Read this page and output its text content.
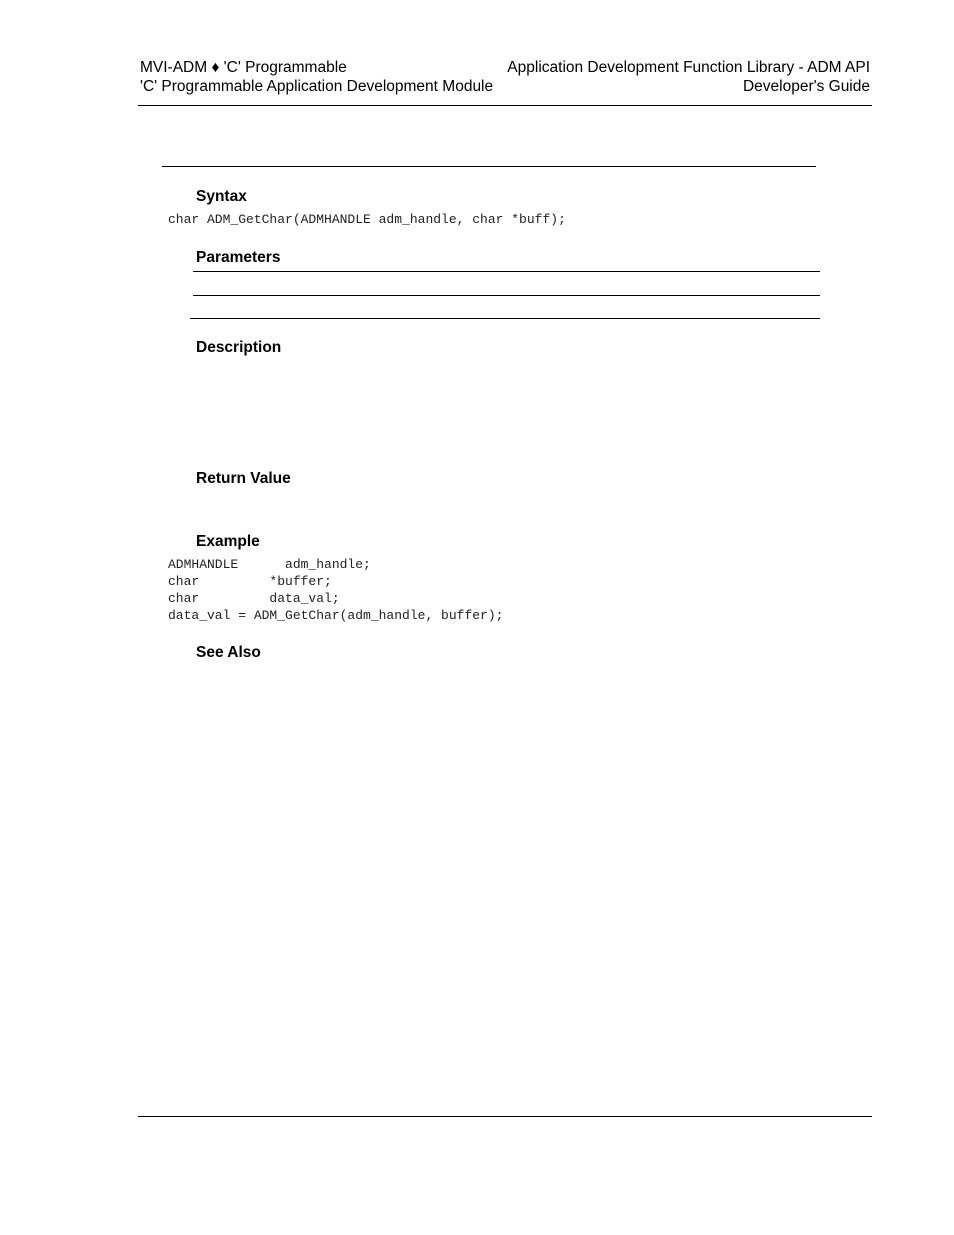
MVI-ADM ♦ 'C' Programmable
'C' Programmable Application Development Module
Application Development Function Library - ADM API
Developer's Guide
Syntax
char ADM_GetChar(ADMHANDLE adm_handle, char *buff);
Parameters
Description
Return Value
Example
ADMHANDLE      adm_handle;
char         *buffer;
char         data_val;
data_val = ADM_GetChar(adm_handle, buffer);
See Also
